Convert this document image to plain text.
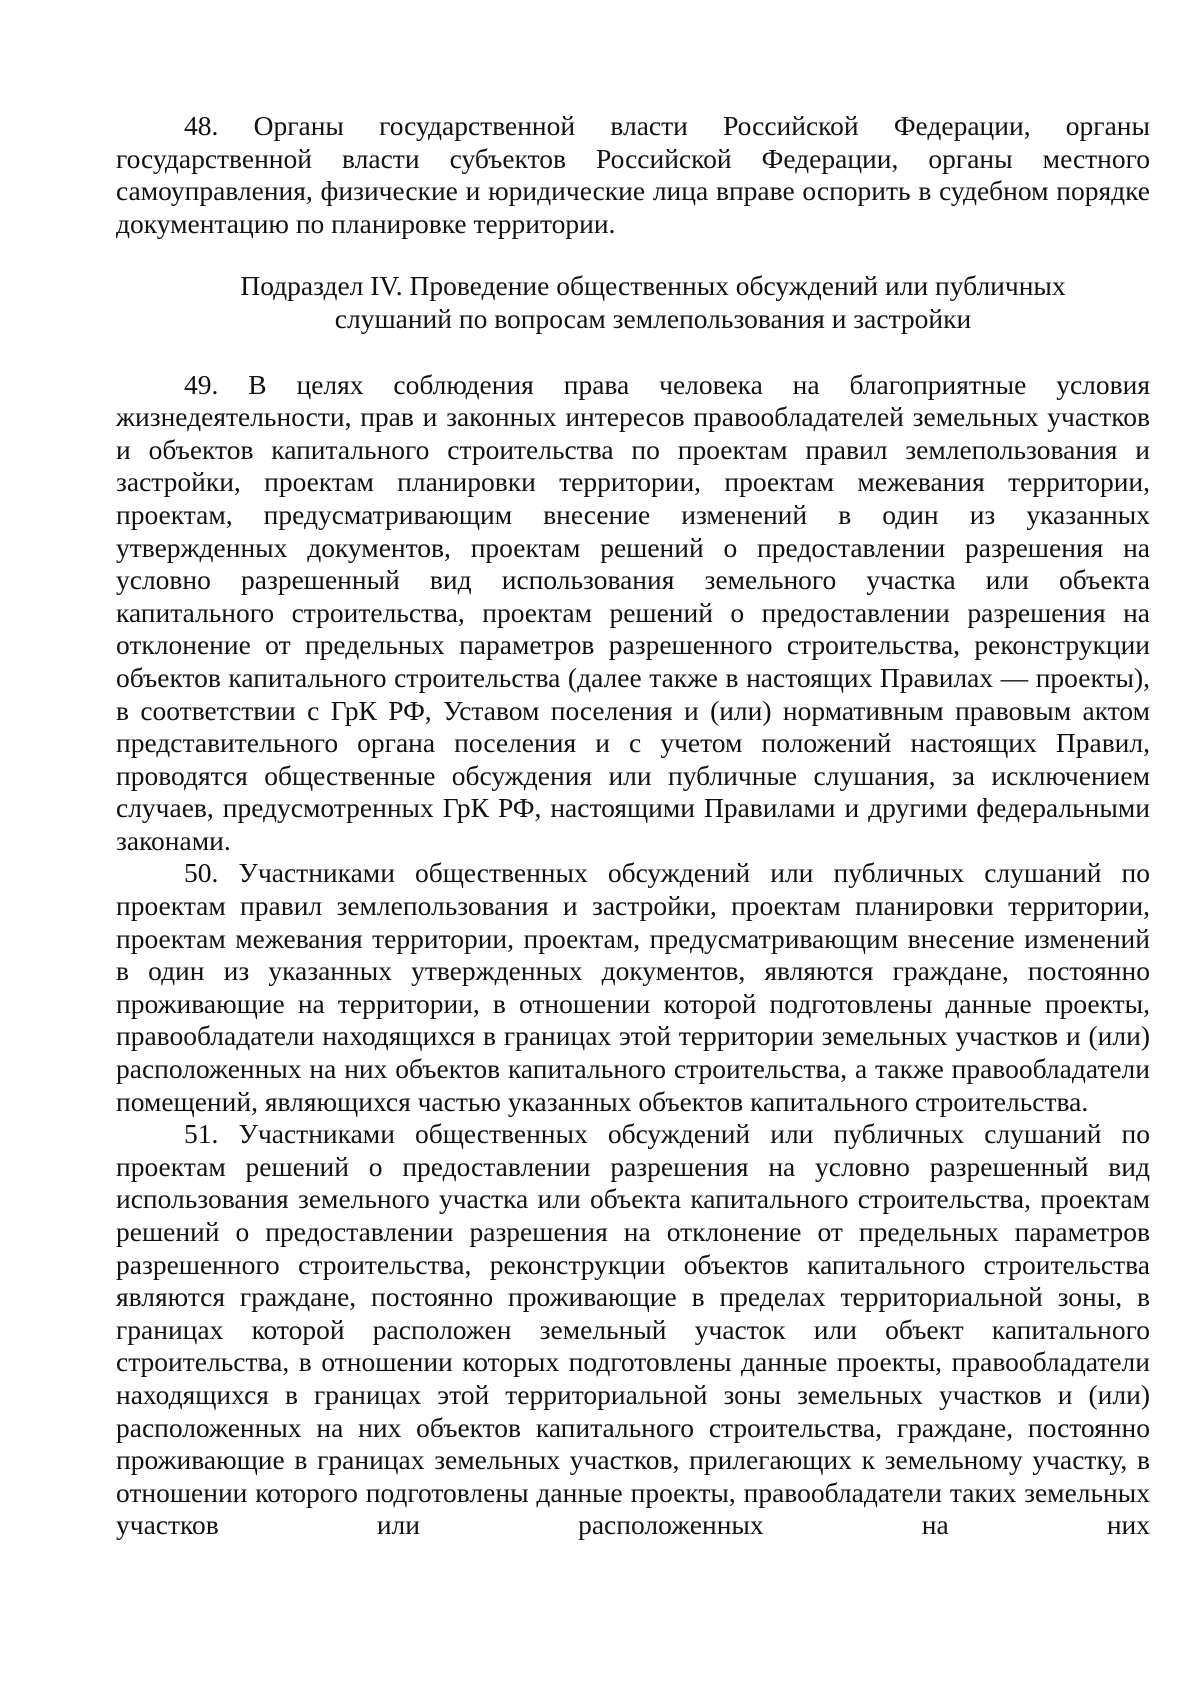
48. Органы государственной власти Российской Федерации, органы государственной власти субъектов Российской Федерации, органы местного самоуправления, физические и юридические лица вправе оспорить в судебном порядке документацию по планировке территории.

Подраздел IV. Проведение общественных обсуждений или публичных
слушаний по вопросам землепользования и застройки

49. В целях соблюдения права человека на благоприятные условия жизнедеятельности, прав и законных интересов правообладателей земельных участков и объектов капитального строительства по проектам правил землепользования и застройки, проектам планировки территории, проектам межевания территории, проектам, предусматривающим внесение изменений в один из указанных утвержденных документов, проектам решений о предоставлении разрешения на условно разрешенный вид использования земельного участка или объекта капитального строительства, проектам решений о предоставлении разрешения на отклонение от предельных параметров разрешенного строительства, реконструкции объектов капитального строительства (далее также в настоящих Правилах — проекты), в соответствии с ГрК РФ, Уставом поселения и (или) нормативным правовым актом представительного органа поселения и с учетом положений настоящих Правил, проводятся общественные обсуждения или публичные слушания, за исключением случаев, предусмотренных ГрК РФ, настоящими Правилами и другими федеральными законами.

50. Участниками общественных обсуждений или публичных слушаний по проектам правил землепользования и застройки, проектам планировки территории, проектам межевания территории, проектам, предусматривающим внесение изменений в один из указанных утвержденных документов, являются граждане, постоянно проживающие на территории, в отношении которой подготовлены данные проекты, правообладатели находящихся в границах этой территории земельных участков и (или) расположенных на них объектов капитального строительства, а также правообладатели помещений, являющихся частью указанных объектов капитального строительства.

51. Участниками общественных обсуждений или публичных слушаний по проектам решений о предоставлении разрешения на условно разрешенный вид использования земельного участка или объекта капитального строительства, проектам решений о предоставлении разрешения на отклонение от предельных параметров разрешенного строительства, реконструкции объектов капитального строительства являются граждане, постоянно проживающие в пределах территориальной зоны, в границах которой расположен земельный участок или объект капитального строительства, в отношении которых подготовлены данные проекты, правообладатели находящихся в границах этой территориальной зоны земельных участков и (или) расположенных на них объектов капитального строительства, граждане, постоянно проживающие в границах земельных участков, прилегающих к земельному участку, в отношении которого подготовлены данные проекты, правообладатели таких земельных участков или расположенных на них
